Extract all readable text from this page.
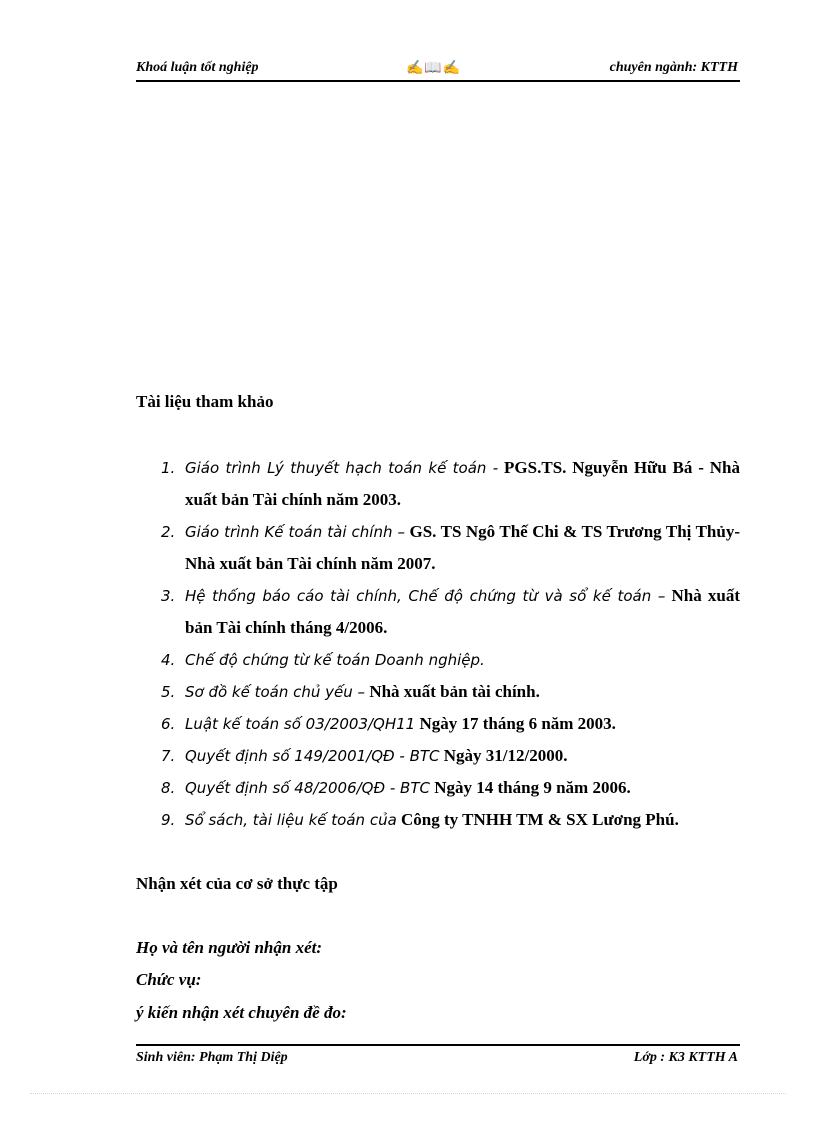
Khoá luận tốt nghiệp	✍📖✍	chuyên ngành: KTTH
Tài liệu tham khảo
1. Giáo trình Lý thuyết hạch toán kế toán - PGS.TS. Nguyễn Hữu Bá - Nhà xuất bản Tài chính năm 2003.
2. Giáo trình Kế toán tài chính – GS. TS Ngô Thế Chi & TS Trương Thị Thủy- Nhà xuất bản Tài chính năm 2007.
3. Hệ thống báo cáo tài chính, Chế độ chứng từ và sổ kế toán – Nhà xuất bản Tài chính tháng 4/2006.
4. Chế độ chứng từ kế toán Doanh nghiệp.
5. Sơ đồ kế toán chủ yếu – Nhà xuất bản tài chính.
6. Luật kế toán số 03/2003/QH11 Ngày 17 tháng 6 năm 2003.
7. Quyết định số 149/2001/QĐ - BTC Ngày 31/12/2000.
8. Quyết định số 48/2006/QĐ - BTC Ngày 14 tháng 9 năm 2006.
9. Sổ sách, tài liệu kế toán của Công ty TNHH TM & SX Lương Phú.
Nhận xét của cơ sở thực tập
Họ và tên người nhận xét:
Chức vụ:
ý kiến nhận xét chuyên đề đo:
Sinh viên: Phạm Thị Diệp	Lớp : K3 KTTH A
